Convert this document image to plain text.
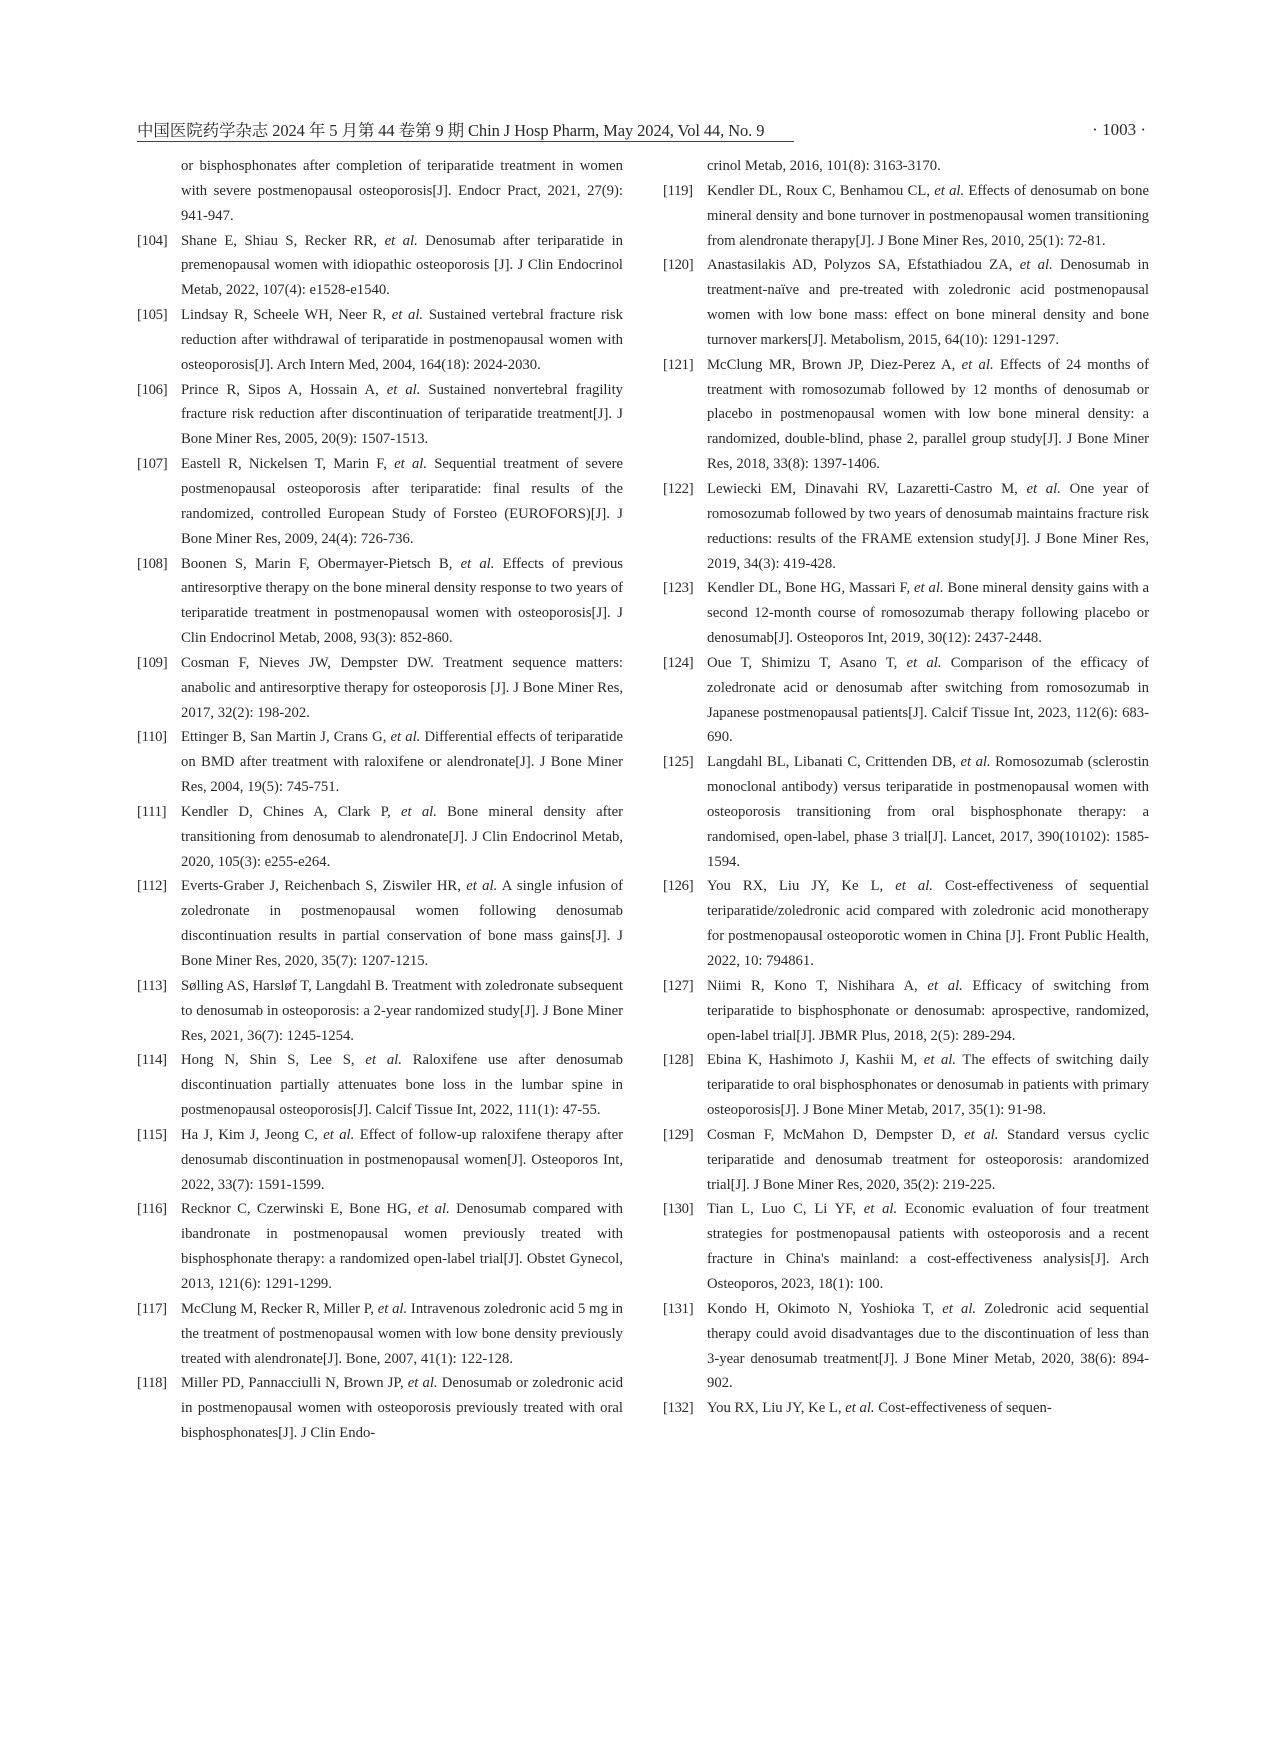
中国医院药学杂志 2024 年 5 月第 44 卷第 9 期 Chin J Hosp Pharm, May 2024, Vol 44, No. 9	· 1003 ·
or bisphosphonates after completion of teriparatide treatment in women with severe postmenopausal osteoporosis[J]. Endocr Pract, 2021, 27(9): 941-947.
[104] Shane E, Shiau S, Recker RR, et al. Denosumab after teriparatide in premenopausal women with idiopathic osteoporosis [J]. J Clin Endocrinol Metab, 2022, 107(4): e1528-e1540.
[105] Lindsay R, Scheele WH, Neer R, et al. Sustained vertebral fracture risk reduction after withdrawal of teriparatide in postmenopausal women with osteoporosis[J]. Arch Intern Med, 2004, 164(18): 2024-2030.
[106] Prince R, Sipos A, Hossain A, et al. Sustained nonvertebral fragility fracture risk reduction after discontinuation of teriparatide treatment[J]. J Bone Miner Res, 2005, 20(9): 1507-1513.
[107] Eastell R, Nickelsen T, Marin F, et al. Sequential treatment of severe postmenopausal osteoporosis after teriparatide: final results of the randomized, controlled European Study of Forsteo (EUROFORS)[J]. J Bone Miner Res, 2009, 24(4): 726-736.
[108] Boonen S, Marin F, Obermayer-Pietsch B, et al. Effects of previous antiresorptive therapy on the bone mineral density response to two years of teriparatide treatment in postmenopausal women with osteoporosis[J]. J Clin Endocrinol Metab, 2008, 93(3): 852-860.
[109] Cosman F, Nieves JW, Dempster DW. Treatment sequence matters: anabolic and antiresorptive therapy for osteoporosis [J]. J Bone Miner Res, 2017, 32(2): 198-202.
[110] Ettinger B, San Martin J, Crans G, et al. Differential effects of teriparatide on BMD after treatment with raloxifene or alendronate[J]. J Bone Miner Res, 2004, 19(5): 745-751.
[111]	Kendler D, Chines A, Clark P, et al. Bone mineral density after transitioning from denosumab to alendronate[J]. J Clin Endocrinol Metab, 2020, 105(3): e255-e264.
[112] Everts-Graber J, Reichenbach S, Ziswiler HR, et al. A single infusion of zoledronate in postmenopausal women following denosumab discontinuation results in partial conservation of bone mass gains[J]. J Bone Miner Res, 2020, 35(7): 1207-1215.
[113] Sølling AS, Harsløf T, Langdahl B. Treatment with zoledronate subsequent to denosumab in osteoporosis: a 2-year randomized study[J]. J Bone Miner Res, 2021, 36(7): 1245-1254.
[114] Hong N, Shin S, Lee S, et al. Raloxifene use after denosumab discontinuation partially attenuates bone loss in the lumbar spine in postmenopausal osteoporosis[J]. Calcif Tissue Int, 2022, 111(1): 47-55.
[115] Ha J, Kim J, Jeong C, et al. Effect of follow-up raloxifene therapy after denosumab discontinuation in postmenopausal women[J]. Osteoporos Int, 2022, 33(7): 1591-1599.
[116] Recknor C, Czerwinski E, Bone HG, et al. Denosumab compared with ibandronate in postmenopausal women previously treated with bisphosphonate therapy: a randomized open-label trial[J]. Obstet Gynecol, 2013, 121(6): 1291-1299.
[117] McClung M, Recker R, Miller P, et al. Intravenous zoledronic acid 5 mg in the treatment of postmenopausal women with low bone density previously treated with alendronate[J]. Bone, 2007, 41(1): 122-128.
[118] Miller PD, Pannacciulli N, Brown JP, et al. Denosumab or zoledronic acid in postmenopausal women with osteoporosis previously treated with oral bisphosphonates[J]. J Clin Endo-
crinol Metab, 2016, 101(8): 3163-3170.
[119] Kendler DL, Roux C, Benhamou CL, et al. Effects of denosumab on bone mineral density and bone turnover in postmenopausal women transitioning from alendronate therapy[J]. J Bone Miner Res, 2010, 25(1): 72-81.
[120] Anastasilakis AD, Polyzos SA, Efstathiadou ZA, et al. Denosumab in treatment-naïve and pre-treated with zoledronic acid postmenopausal women with low bone mass: effect on bone mineral density and bone turnover markers[J]. Metabolism, 2015, 64(10): 1291-1297.
[121] McClung MR, Brown JP, Diez-Perez A, et al. Effects of 24 months of treatment with romosozumab followed by 12 months of denosumab or placebo in postmenopausal women with low bone mineral density: a randomized, double-blind, phase 2, parallel group study[J]. J Bone Miner Res, 2018, 33(8): 1397-1406.
[122] Lewiecki EM, Dinavahi RV, Lazaretti-Castro M, et al. One year of romosozumab followed by two years of denosumab maintains fracture risk reductions: results of the FRAME extension study[J]. J Bone Miner Res, 2019, 34(3): 419-428.
[123] Kendler DL, Bone HG, Massari F, et al. Bone mineral density gains with a second 12-month course of romosozumab therapy following placebo or denosumab[J]. Osteoporos Int, 2019, 30(12): 2437-2448.
[124] Oue T, Shimizu T, Asano T, et al. Comparison of the efficacy of zoledronate acid or denosumab after switching from romosozumab in Japanese postmenopausal patients[J]. Calcif Tissue Int, 2023, 112(6): 683-690.
[125] Langdahl BL, Libanati C, Crittenden DB, et al. Romosozumab (sclerostin monoclonal antibody) versus teriparatide in postmenopausal women with osteoporosis transitioning from oral bisphosphonate therapy: a randomised, open-label, phase 3 trial[J]. Lancet, 2017, 390(10102): 1585-1594.
[126] You RX, Liu JY, Ke L, et al. Cost-effectiveness of sequential teriparatide/zoledronic acid compared with zoledronic acid monotherapy for postmenopausal osteoporotic women in China [J]. Front Public Health, 2022, 10: 794861.
[127] Niimi R, Kono T, Nishihara A, et al. Efficacy of switching from teriparatide to bisphosphonate or denosumab: aprospective, randomized, open-label trial[J]. JBMR Plus, 2018, 2(5): 289-294.
[128] Ebina K, Hashimoto J, Kashii M, et al. The effects of switching daily teriparatide to oral bisphosphonates or denosumab in patients with primary osteoporosis[J]. J Bone Miner Metab, 2017, 35(1): 91-98.
[129] Cosman F, McMahon D, Dempster D, et al. Standard versus cyclic teriparatide and denosumab treatment for osteoporosis: arandomized trial[J]. J Bone Miner Res, 2020, 35(2): 219-225.
[130] Tian L, Luo C, Li YF, et al. Economic evaluation of four treatment strategies for postmenopausal patients with osteoporosis and a recent fracture in China's mainland: a cost-effectiveness analysis[J]. Arch Osteoporos, 2023, 18(1): 100.
[131] Kondo H, Okimoto N, Yoshioka T, et al. Zoledronic acid sequential therapy could avoid disadvantages due to the discontinuation of less than 3-year denosumab treatment[J]. J Bone Miner Metab, 2020, 38(6): 894-902.
[132] You RX, Liu JY, Ke L, et al. Cost-effectiveness of sequen-
